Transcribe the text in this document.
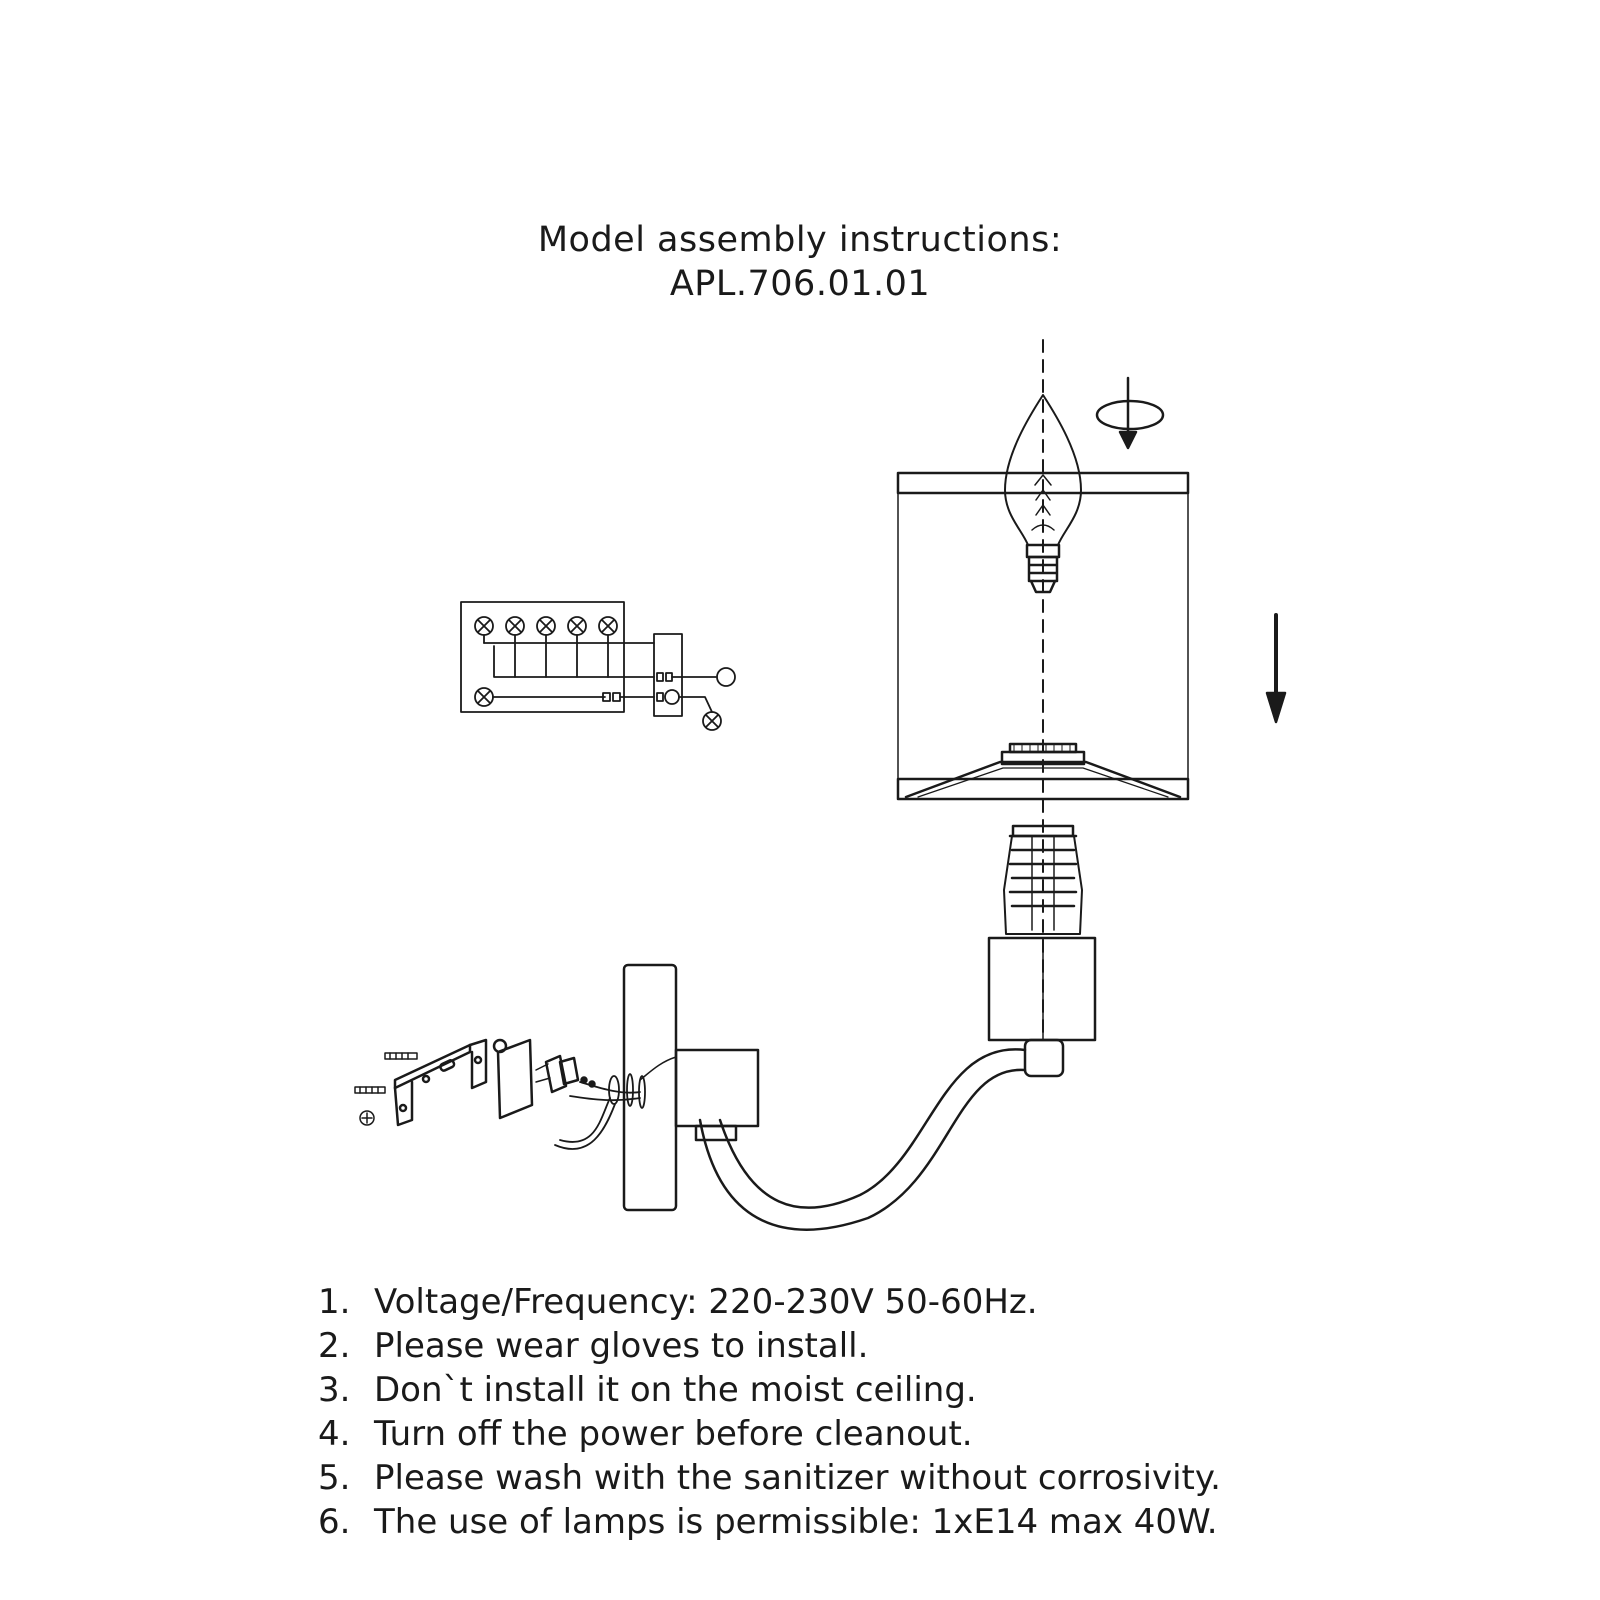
Model assembly instructions:
APL.706.01.01
1. Voltage/Frequency: 220-230V 50-60Hz.
2. Please wear gloves to install.
3. Don`t install it on the moist ceiling.
4. Turn off the power before cleanout.
5. Please wash with the sanitizer without corrosivity.
6. The use of lamps is permissible: 1xE14 max 40W.
